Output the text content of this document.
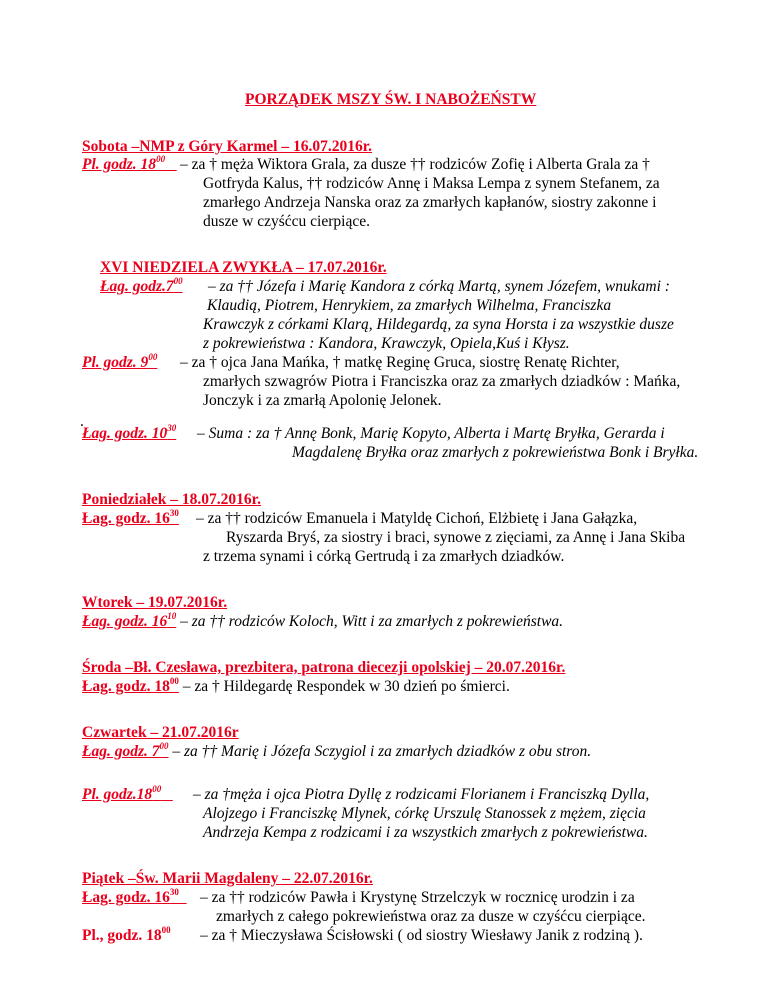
PORZĄDEK MSZY ŚW. I NABOŻEŃSTW
Sobota –NMP z Góry Karmel – 16.07.2016r.
Pl. godz. $18^{00}$ – za † męża Wiktora Grala, za dusze †† rodziców Zofię i Alberta Grala za †
Gotfryda Kalus, †† rodziców Annę i Maksa Lempa z synem Stefanem, za
zmarłego Andrzeja Nanska oraz za zmarłych kapłanów, siostry zakonne i
dusze w czyśćcu cierpiące.
XVI NIEDZIELA ZWYKŁA – 17.07.2016r.
Łag. $godz.7^{00}$ – za †† Józefa i Marię Kandora z córką Martą, synem Józefem, wnukami :
Klaudią, Piotrem, Henrykiem, za zmarłych Wilhelma, Franciszka
Krawczyk z córkami Klarą, Hildegardą, za syna Horsta i za wszystkie dusze
z pokrewieństwa : Kandora, Krawczyk, Opiela,Kuś i Kłysz.
Pl. godz. $9^{00}$ – za † ojca Jana Mańka, † matkę Reginę Gruca, siostrę Renatę Richter,
zmarłych szwagrów Piotra i Franciszka oraz za zmarłych dziadków : Mańka,
Jonczyk i za zmarłą Apolonię Jelonek.
.
Łag. godz. $10^{30}$ – Suma : za † Annę Bonk, Marię Kopyto, Alberta i Martę Bryłka, Gerarda i
Magdalenę Bryłka oraz zmarłych z pokrewieństwa Bonk i Bryłka.
Poniedziałek – 18.07.2016r.
Łag. godz. $16^{30}$ – za †† rodziców Emanuela i Matyldę Cichoń, Elżbietę i Jana Gałązka,
Ryszarda Bryś, za siostry i braci, synowe z zięciami, za Annę i Jana Skiba
z trzema synami i córką Gertrudą i za zmarłych dziadków.
Wtorek – 19.07.2016r.
Łag. godz. $16^{10}$ – za †† rodziców Koloch, Witt i za zmarłych z pokrewieństwa.
Środa –Bł. Czesława, prezbitera, patrona diecezji opolskiej – 20.07.2016r.
Łag. godz. $18^{00}$ – za † Hildegardę Respondek w 30 dzień po śmierci.
Czwartek – 21.07.2016r
Łag. godz. $7^{00}$ – za †† Marię i Józefa Sczygiol i za zmarłych dziadków z obu stron.
Pl. $godz.18^{00}$	– za †męża i ojca Piotra Dyllę z rodzicami Florianem i Franciszką Dylla,
Alojzego i Franciszkę Mlynek, córkę Urszulę Stanossek z mężem, zięcia
Andrzeja Kempa z rodzicami i za wszystkich zmarłych z pokrewieństwa.
Piątek –Św. Marii Magdaleny – 22.07.2016r.
Łag. godz. $16^{30}$	– za †† rodziców Pawła i Krystynę Strzelczyk w rocznicę urodzin i za
zmarłych z całego pokrewieństwa oraz za dusze w czyśćcu cierpiące.
Pl., godz. $18^{00}$ – za † Mieczysława Ścisłowski ( od siostry Wiesławy Janik z rodziną ).
